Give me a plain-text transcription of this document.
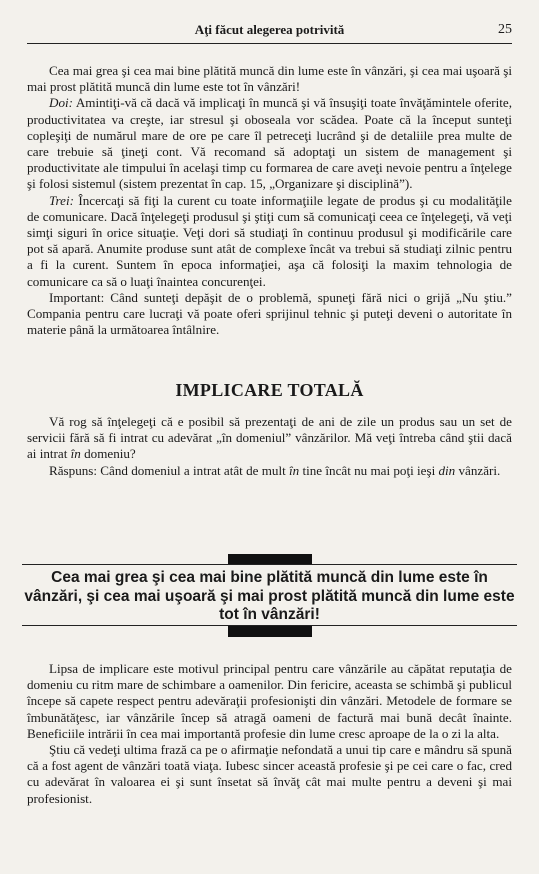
Aţi făcut alegerea potrivită	25

Cea mai grea şi cea mai bine plătită muncă din lume este în vânzări, şi cea mai uşoară şi mai prost plătită muncă din lume este tot în vânzări!

Doi: Amintiţi-vă că dacă vă implicaţi în muncă şi vă însuşiţi toate învăţămintele oferite, productivitatea va creşte, iar stresul şi oboseala vor scădea. Poate că la început sunteţi copleşiţi de numărul mare de ore pe care îl petreceţi lucrând şi de detaliile prea multe de care trebuie să ţineţi cont. Vă recomand să adoptaţi un sistem de management şi productivitate ale timpului în acelaşi timp cu formarea de care aveţi nevoie pentru a înţelege şi folosi sistemul (sistem prezentat în cap. 15, „Organizare şi disciplină”).

Trei: Încercaţi să fiţi la curent cu toate informaţiile legate de produs şi cu modalităţile de comunicare. Dacă înţelegeţi produsul şi ştiţi cum să comunicaţi ceea ce înţelegeţi, vă veţi simţi siguri în orice situaţie. Veţi dori să studiaţi în continuu produsul şi modificările care pot să apară. Anumite produse sunt atât de complexe încât va trebui să studiaţi zilnic pentru a fi la curent. Suntem în epoca informaţiei, aşa că folosiţi la maxim tehnologia de comunicare ca să o luaţi înaintea concurenţei.

Important: Când sunteţi depăşit de o problemă, spuneţi fără nici o grijă „Nu ştiu.” Compania pentru care lucraţi vă poate oferi sprijinul tehnic şi puteţi deveni o autoritate în materie până la următoarea întâlnire.

IMPLICARE TOTALĂ

Vă rog să înţelegeţi că e posibil să prezentaţi de ani de zile un produs sau un set de servicii fără să fi intrat cu adevărat „în domeniul” vânzărilor. Mă veţi întreba când ştii dacă ai intrat în domeniu?

Răspuns: Când domeniul a intrat atât de mult în tine încât nu mai poţi ieşi din vânzări.

Cea mai grea şi cea mai bine plătită muncă din lume este în vânzări, şi cea mai uşoară şi mai prost plătită muncă din lume este tot în vânzări!

Lipsa de implicare este motivul principal pentru care vânzările au căpătat reputaţia de domeniu cu ritm mare de schimbare a oamenilor. Din fericire, aceasta se schimbă şi publicul începe să capete respect pentru adevăraţii profesionişti din vânzări. Metodele de formare se îmbunătăţesc, iar vânzările încep să atragă oameni de factură mai bună decât înainte. Beneficiile intrării în cea mai importantă profesie din lume cresc aproape de la o zi la alta.

Ştiu că vedeţi ultima frază ca pe o afirmaţie nefondată a unui tip care e mândru să spună că a fost agent de vânzări toată viaţa. Iubesc sincer această profesie şi pe cei care o fac, cred cu adevărat în valoarea ei şi sunt însetat să învăţ cât mai multe pentru a deveni şi mai profesionist.
